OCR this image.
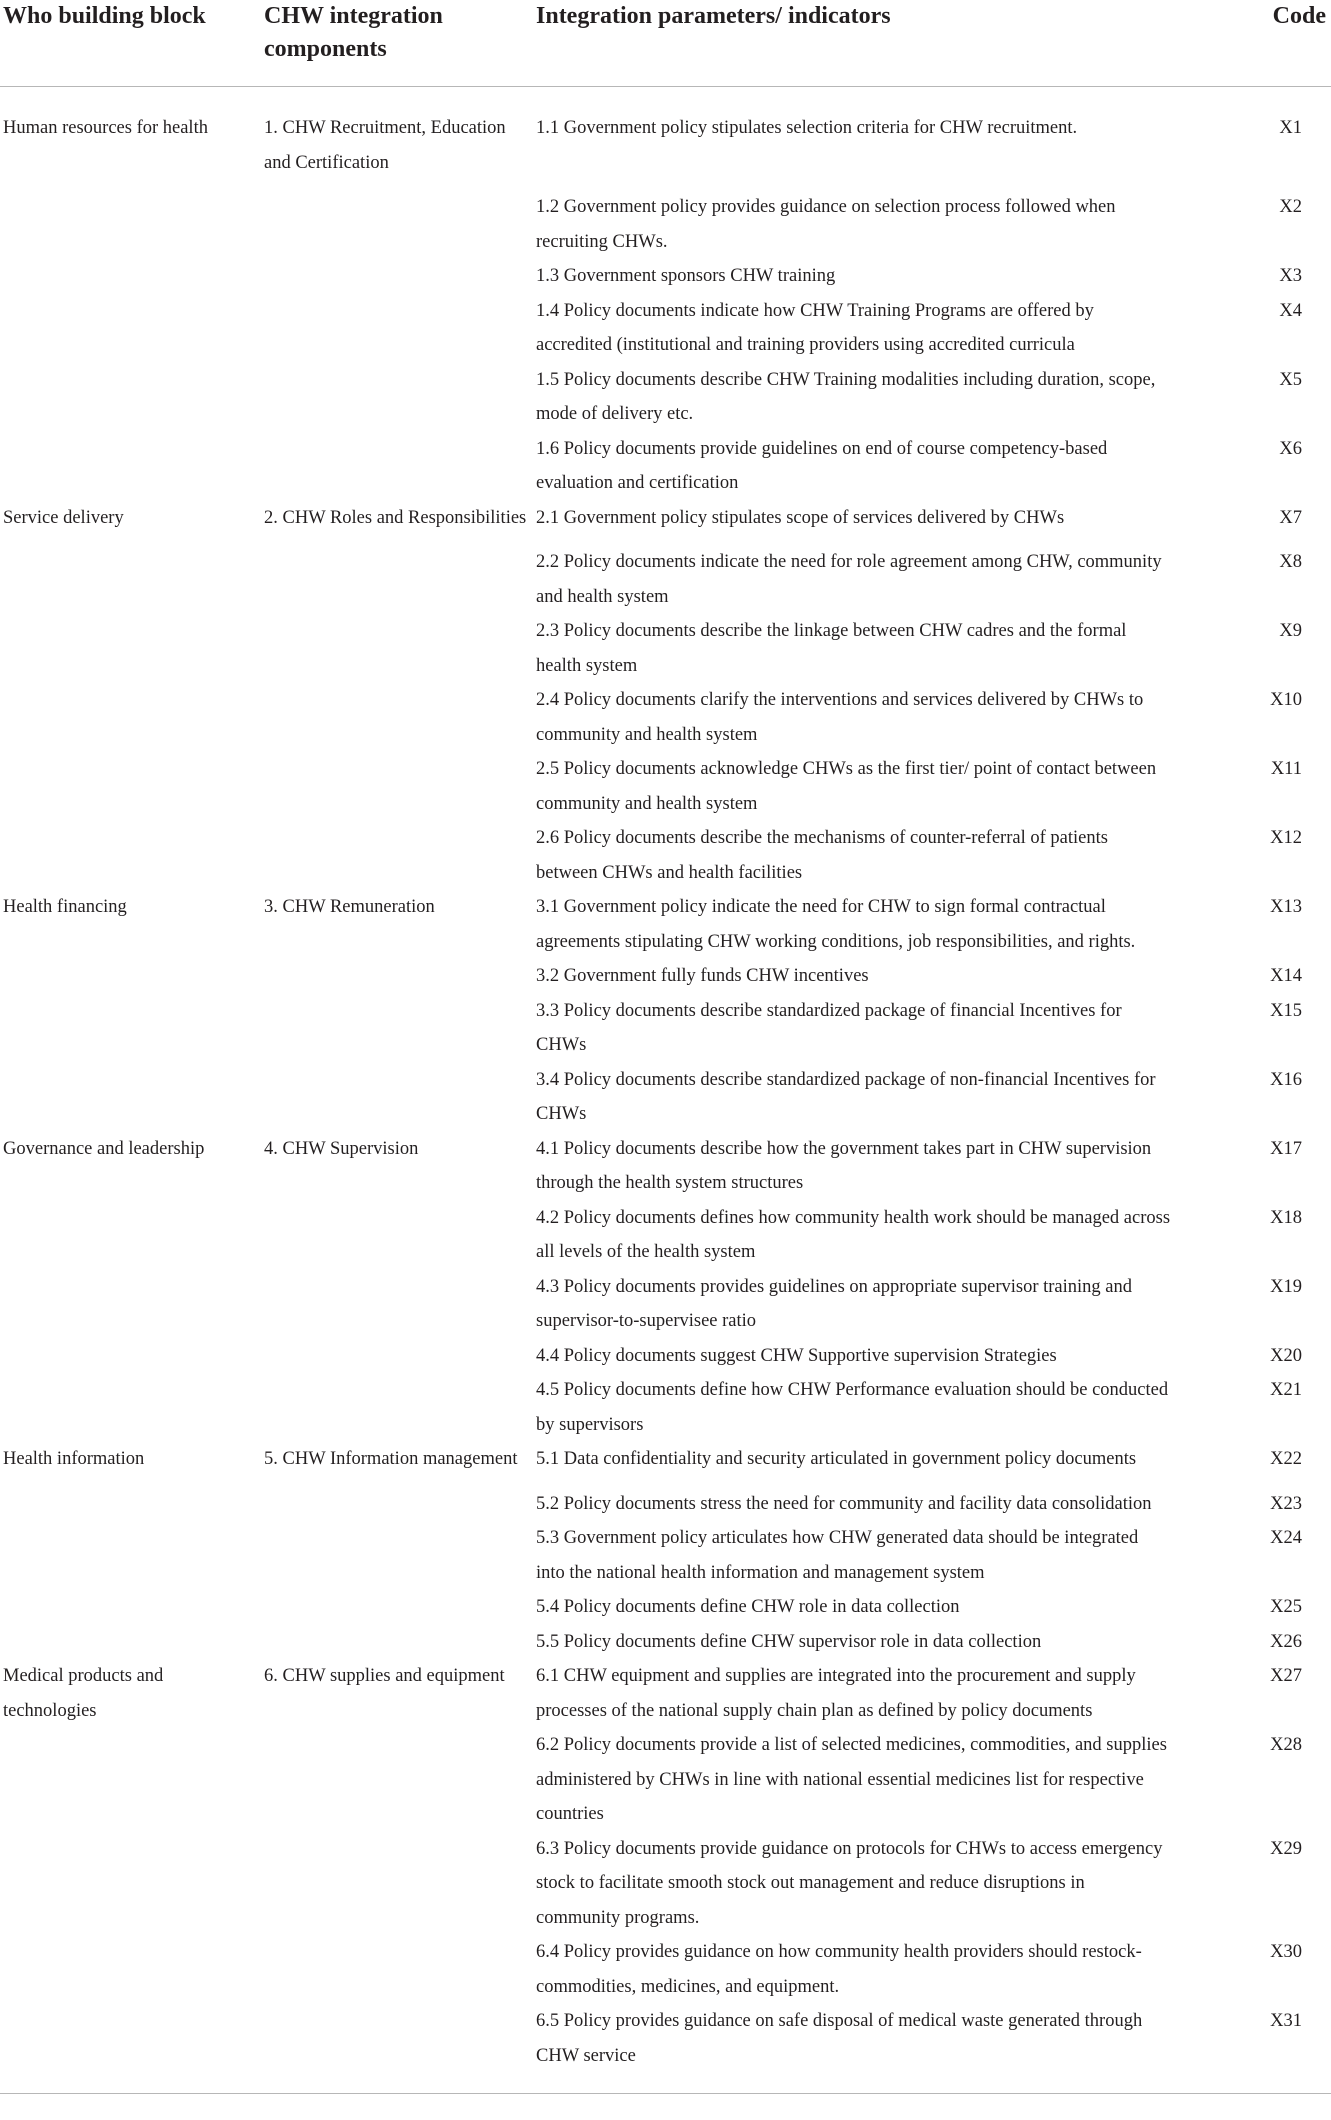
Who building block	CHW integration components	Integration parameters/ indicators	Code
Human resources for health	1. CHW Recruitment, Education and Certification	1.1 Government policy stipulates selection criteria for CHW recruitment.	X1
		1.2 Government policy provides guidance on selection process followed when recruiting CHWs.	X2
		1.3 Government sponsors CHW training	X3
		1.4 Policy documents indicate how CHW Training Programs are offered by accredited (institutional and training providers using accredited curricula	X4
		1.5 Policy documents describe CHW Training modalities including duration, scope, mode of delivery etc.	X5
		1.6 Policy documents provide guidelines on end of course competency-based evaluation and certification	X6
Service delivery	2. CHW Roles and Responsibilities	2.1 Government policy stipulates scope of services delivered by CHWs	X7
		2.2 Policy documents indicate the need for role agreement among CHW, community and health system	X8
		2.3 Policy documents describe the linkage between CHW cadres and the formal health system	X9
		2.4 Policy documents clarify the interventions and services delivered by CHWs to community and health system	X10
		2.5 Policy documents acknowledge CHWs as the first tier/ point of contact between community and health system	X11
		2.6 Policy documents describe the mechanisms of counter-referral of patients between CHWs and health facilities	X12
Health financing	3. CHW Remuneration	3.1 Government policy indicate the need for CHW to sign formal contractual agreements stipulating CHW working conditions, job responsibilities, and rights.	X13
		3.2 Government fully funds CHW incentives	X14
		3.3 Policy documents describe standardized package of financial Incentives for CHWs	X15
		3.4 Policy documents describe standardized package of non-financial Incentives for CHWs	X16
Governance and leadership	4. CHW Supervision	4.1 Policy documents describe how the government takes part in CHW supervision through the health system structures	X17
		4.2 Policy documents defines how community health work should be managed across all levels of the health system	X18
		4.3 Policy documents provides guidelines on appropriate supervisor training and supervisor-to-supervisee ratio	X19
		4.4 Policy documents suggest CHW Supportive supervision Strategies	X20
		4.5 Policy documents define how CHW Performance evaluation should be conducted by supervisors	X21
Health information	5. CHW Information management	5.1 Data confidentiality and security articulated in government policy documents	X22
		5.2 Policy documents stress the need for community and facility data consolidation	X23
		5.3 Government policy articulates how CHW generated data should be integrated into the national health information and management system	X24
		5.4 Policy documents define CHW role in data collection	X25
		5.5 Policy documents define CHW supervisor role in data collection	X26
Medical products and technologies	6. CHW supplies and equipment	6.1 CHW equipment and supplies are integrated into the procurement and supply processes of the national supply chain plan as defined by policy documents	X27
		6.2 Policy documents provide a list of selected medicines, commodities, and supplies administered by CHWs in line with national essential medicines list for respective countries	X28
		6.3 Policy documents provide guidance on protocols for CHWs to access emergency stock to facilitate smooth stock out management and reduce disruptions in community programs.	X29
		6.4 Policy provides guidance on how community health providers should restock-commodities, medicines, and equipment.	X30
		6.5 Policy provides guidance on safe disposal of medical waste generated through CHW service	X31
